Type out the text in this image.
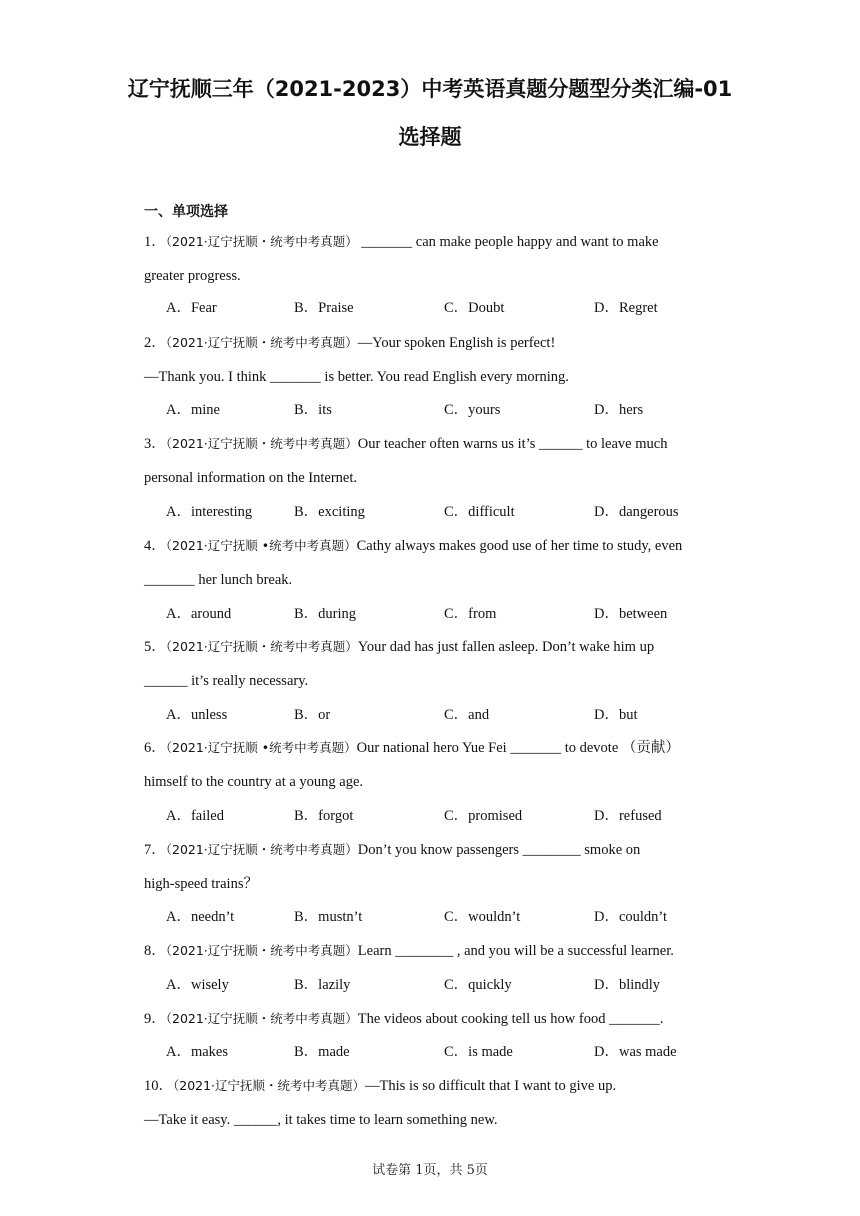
辽宁抚顺三年（2021-2023）中考英语真题分题型分类汇编-01
选择题
一、单项选择
1．（2021·辽宁抚顺・统考中考真题） _______ can make people happy and want to make
greater progress.
A．Fear	B．Praise	C．Doubt	D．Regret
2．（2021·辽宁抚顺・统考中考真题）—Your spoken English is perfect!
—Thank you. I think _______ is better. You read English every morning.
A．mine	B．its	C．yours	D．hers
3．（2021·辽宁抚顺・统考中考真题）Our teacher often warns us it’s ______ to leave much
personal information on the Internet.
A．interesting	B．exciting	C．difficult	D．dangerous
4．（2021·辽宁抚顺 •统考中考真题）Cathy always makes good use of her time to study, even
_______ her lunch break.
A．around	B．during	C．from	D．between
5．（2021·辽宁抚顺・统考中考真题）Your dad has just fallen asleep. Don’t wake him up
______ it’s really necessary.
A．unless	B．or	C．and	D．but
6．（2021·辽宁抚顺 •统考中考真题）Our national hero Yue Fei _______ to devote （贡献）
himself to the country at a young age.
A．failed	B．forgot	C．promised	D．refused
7．（2021·辽宁抚顺・统考中考真题）Don’t you know passengers ________ smoke on
high-speed trains？
A．needn’t	B．mustn’t	C．wouldn’t	D．couldn’t
8．（2021·辽宁抚顺・统考中考真题）Learn ________ , and you will be a successful learner.
A．wisely	B．lazily	C．quickly	D．blindly
9．（2021·辽宁抚顺・统考中考真题）The videos about cooking tell us how food _______.
A．makes	B．made	C．is made	D．was made
10．（2021·辽宁抚顺・统考中考真题）—This is so difficult that I want to give up.
—Take it easy. ______, it takes time to learn something new.
试卷第 1页，共 5页
